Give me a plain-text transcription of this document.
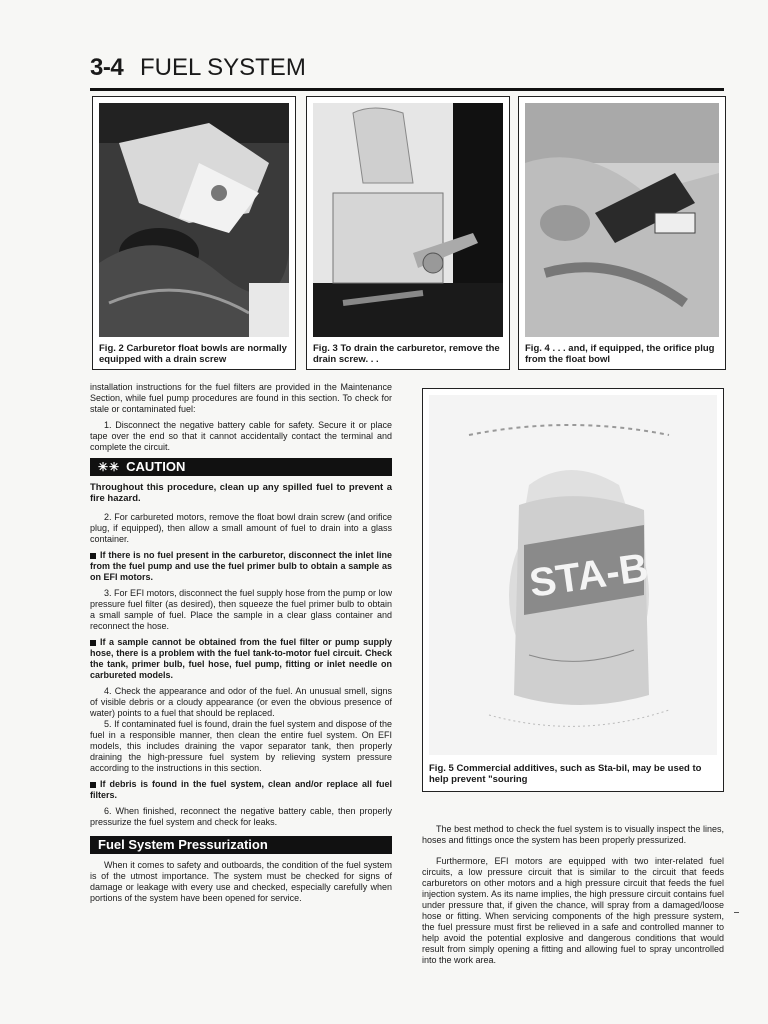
3-4 FUEL SYSTEM
Fig. 2 Carburetor float bowls are normally equipped with a drain screw
Fig. 3 To drain the carburetor, remove the drain screw. . .
Fig. 4 . . . and, if equipped, the orifice plug from the float bowl

installation instructions for the fuel filters are provided in the Maintenance Section, while fuel pump procedures are found in this section. To check for stale or contaminated fuel:

1. Disconnect the negative battery cable for safety. Secure it or place tape over the end so that it cannot accidentally contact the terminal and complete the circuit.

✳✳ CAUTION
Throughout this procedure, clean up any spilled fuel to prevent a fire hazard.

2. For carbureted motors, remove the float bowl drain screw (and orifice plug, if equipped), then allow a small amount of fuel to drain into a glass container.

If there is no fuel present in the carburetor, disconnect the inlet line from the fuel pump and use the fuel primer bulb to obtain a sample as on EFI motors.

3. For EFI motors, disconnect the fuel supply hose from the pump or low pressure fuel filter (as desired), then squeeze the fuel primer bulb to obtain a small sample of fuel. Place the sample in a clear glass container and reconnect the hose.

If a sample cannot be obtained from the fuel filter or pump supply hose, there is a problem with the fuel tank-to-motor fuel circuit. Check the tank, primer bulb, fuel hose, fuel pump, fitting or inlet needle on carbureted models.

4. Check the appearance and odor of the fuel. An unusual smell, signs of visible debris or a cloudy appearance (or even the obvious presence of water) points to a fuel that should be replaced.

5. If contaminated fuel is found, drain the fuel system and dispose of the fuel in a responsible manner, then clean the entire fuel system. On EFI models, this includes draining the vapor separator tank, then properly draining the high-pressure fuel system by relieving system pressure according to the instructions in this section.

If debris is found in the fuel system, clean and/or replace all fuel filters.

6. When finished, reconnect the negative battery cable, then properly pressurize the fuel system and check for leaks.

Fuel System Pressurization

When it comes to safety and outboards, the condition of the fuel system is of the utmost importance. The system must be checked for signs of damage or leakage with every use and checked, especially carefully when portions of the system have been opened for service.

STA-BIL
Fig. 5 Commercial additives, such as Sta-bil, may be used to help prevent "souring

The best method to check the fuel system is to visually inspect the lines, hoses and fittings once the system has been properly pressurized.

Furthermore, EFI motors are equipped with two inter-related fuel circuits, a low pressure circuit that is similar to the circuit that feeds carburetors on other motors and a high pressure circuit that feeds the fuel injection system. As its name implies, the high pressure circuit contains fuel under pressure that, if given the chance, will spray from a damaged/loose hose or fitting. When servicing components of the high pressure system, the fuel pressure must first be relieved in a safe and controlled manner to help avoid the potential explosive and dangerous conditions that would result from simply opening a fitting and allowing fuel to spray uncontrolled into the work area.
